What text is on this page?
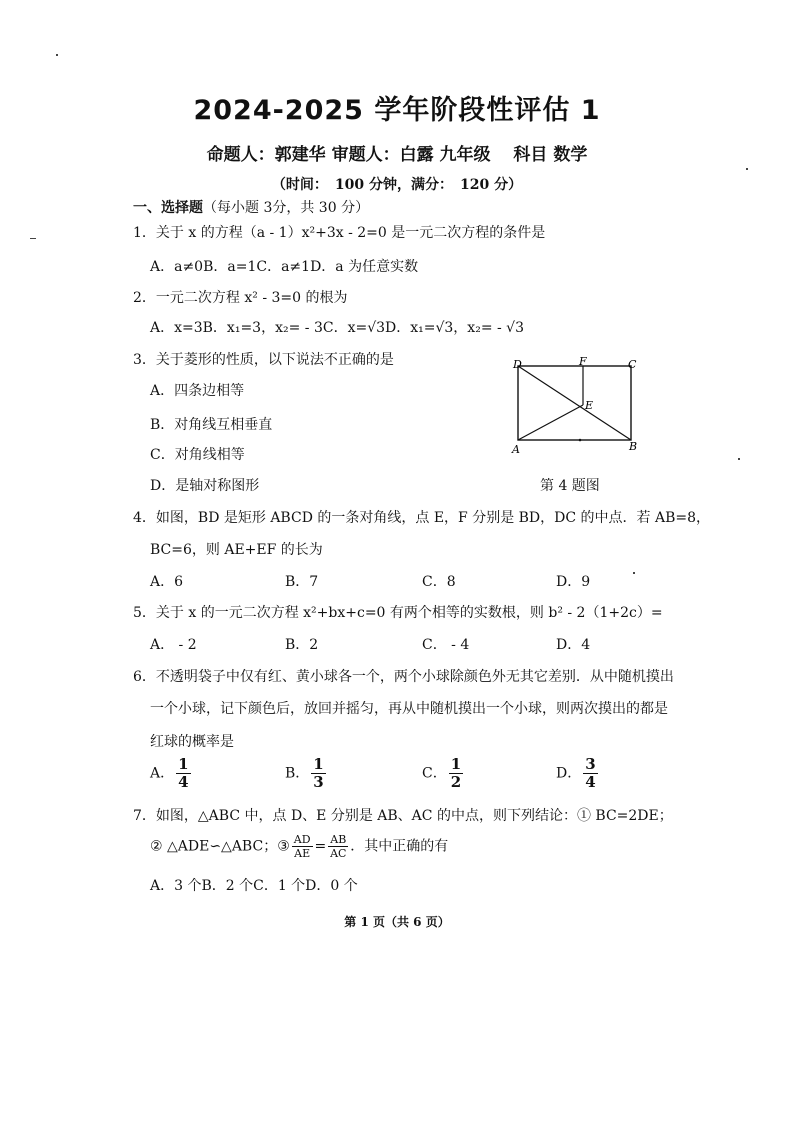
2024-2025 学年阶段性评估 1
命题人：郭建华 审题人：白露 九年级　 科目 数学
（时间：　100 分钟，满分：　120 分）
一、选择题（每小题 3分，共 30 分）
1．关于 x 的方程（a - 1）x²+3x - 2=0 是一元二次方程的条件是
A．a≠0B．a=1C．a≠1D．a 为任意实数
2．一元二次方程 x² - 3=0 的根为
A．x=3B．x₁=3，x₂= - 3C．x=√3D．x₁=√3，x₂= - √3
3．关于菱形的性质，以下说法不正确的是
A．四条边相等
B．对角线互相垂直
C．对角线相等
D．是轴对称图形
D	F	C
E
A	B
第 4 题图
4．如图，BD 是矩形 ABCD 的一条对角线，点 E，F 分别是 BD，DC 的中点．若 AB=8，
BC=6，则 AE+EF 的长为
A．6	B．7	C．8	D．9
5．关于 x 的一元二次方程 x²+bx+c=0 有两个相等的实数根，则 b² - 2（1+2c）=
A． - 2	B．2	C． - 4	D．4
6．不透明袋子中仅有红、黄小球各一个，两个小球除颜色外无其它差别．从中随机摸出
一个小球，记下颜色后，放回并摇匀，再从中随机摸出一个小球，则两次摸出的都是
红球的概率是
A． $\frac{1}{4}$	B． $\frac{1}{3}$	C． $\frac{1}{2}$	D． $\frac{3}{4}$
7．如图，△ABC 中，点 D、E 分别是 AB、AC 的中点，则下列结论：① BC=2DE；
② △ADE∽△ABC；③ $\frac{AD}{AE} = \frac{AB}{AC}$ ．其中正确的有
A．3 个B．2 个C．1 个D．0 个
第 1 页（共 6 页）
